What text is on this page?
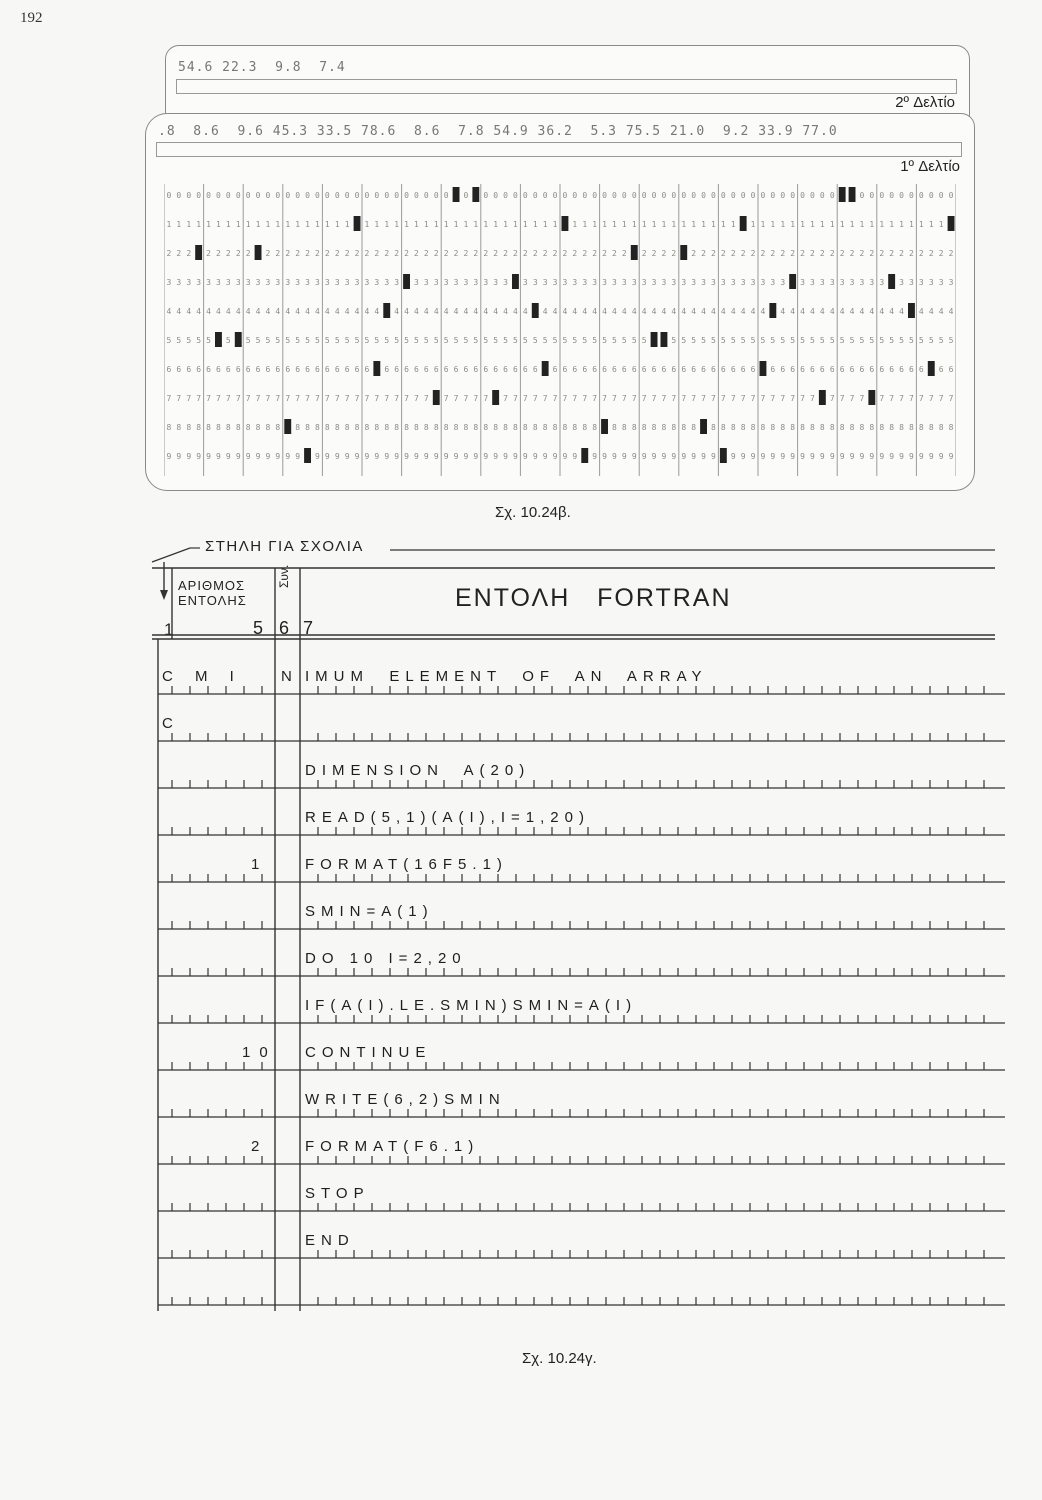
192
54.6 22.3  9.8  7.4
2º Δελτίο
.8  8.6  9.6 45.3 33.5 78.6  8.6  7.8 54.9 36.2  5.3 75.5 21.0  9.2 33.9 77.0
1º Δελτίο
0 0 0 0 0 0 0 0 0 0 0 0 0 0 0 0 0 0 0 0 0 0 0 0 0 0 0 0 0 0 0 0 0 0 0 0 0 0 0 0 0 0 0 0 0 0 0 0 0 0 0 0 0 0 0 0 0 0 0 0 0 0 0 0 0 0	0 0 0 0 0 0 0 0 0 0
1 1 1 1 1 1 1 1 1 1 1 1 1 1 1 1 1 1 1 1 1 1 1 1 1 1 1 1 1 1 1 1 1 1 1 1 1 1 1 1 1 1 1 1 1 1 1 1 1 1 1 1 1 1 1 1 1 1 1 1 1 1 1 1 1 1 1 1 1 1 1 1 1 1 1 1
2 2 2 2 2 2 2 2 2 2 2 2 2 2 2 2 2 2 2 2 2 2 2 2 2 2 2 2 2 2 2 2 2 2 2 2 2 2 2 2 2 2 2 2 2 2 2 2 2 2 2 2 2 2 2 2 2 2 2 2 2 2 2 2 2 2 2 2 2 2 2 2 2 2 2 2
3 3 3 3 3 3 3 3 3 3 3 3 3 3 3 3 3 3 3 3 3 3 3 3 3 3 3 3 3 3 3 3 3 3 3 3 3 3 3 3 3 3 3 3 3 3 3 3 3 3 3 3 3 3 3 3 3 3 3 3 3 3 3 3 3 3 3 3 3 3 3 3 3 3 3 3
4 4 4 4 4 4 4 4 4 4 4 4 4 4 4 4 4 4 4 4 4 4 4 4 4 4 4 4 4 4 4 4 4 4 4 4 4 4 4 4 4 4 4 4 4 4 4 4 4 4 4 4 4 4 4 4 4 4 4 4 4 4 4 4 4 4 4 4 4 4 4 4 4 4 4 4
5 5 5 5 5 5 5 5 5 5 5 5 5 5 5 5 5 5 5 5 5 5 5 5 5 5 5 5 5 5 5 5 5 5 5 5 5 5 5 5 5 5 5 5 5 5 5	5 5 5 5 5 5 5 5 5 5 5 5 5 5 5 5 5 5 5 5 5 5 5 5 5 5 5 5 5
6 6 6 6 6 6 6 6 6 6 6 6 6 6 6 6 6 6 6 6 6 6 6 6 6 6 6 6 6 6 6 6 6 6 6 6 6 6 6 6 6 6 6 6 6 6 6 6 6 6 6 6 6 6 6 6 6 6 6 6 6 6 6 6 6 6 6 6 6 6 6 6 6 6 6 6
7 7 7 7 7 7 7 7 7 7 7 7 7 7 7 7 7 7 7 7 7 7 7 7 7 7 7 7 7 7 7 7 7 7 7 7 7 7 7 7 7 7 7 7 7 7 7 7 7 7 7 7 7 7 7 7 7 7 7 7 7 7 7 7 7 7 7 7 7 7 7 7 7 7 7 7
8 8 8 8 8 8 8 8 8 8 8 8 8 8 8 8 8 8 8 8 8 8 8 8 8 8 8 8 8 8 8 8 8 8 8 8 8 8 8 8 8 8 8 8 8 8 8 8 8 8 8 8 8 8 8 8 8 8 8 8 8 8 8 8 8 8 8 8 8 8 8 8 8 8 8 8 8
9 9 9 9 9 9 9 9 9 9 9 9 9 9 9 9 9 9 9 9 9 9 9 9 9 9 9 9 9 9 9 9 9 9 9 9 9 9 9 9 9 9 9 9 9 9 9 9 9 9 9 9 9 9 9 9 9 9 9 9 9 9 9 9 9 9 9 9 9 9 9 9 9 9 9 9 9
Σχ. 10.24β.
ΣΤΗΛΗ ΓΙΑ ΣΧΟΛΙΑ
ΑΡΙΘΜΟΣ
ΕΝΤΟΛΗΣ
Συν.
1	5 6 7
ΕΝΤΟΛΗ   FORTRAN
C M I	N IMUM  ELEMENT  OF  AN  ARRAY
C
DIMENSION  A(20)
READ(5,1)(A(I),I=1,20)
1 FORMAT(16F5.1)
SMIN=A(1)
DO 10 I=2,20
IF(A(I).LE.SMIN)SMIN=A(I)
10 CONTINUE
WRITE(6,2)SMIN
2 FORMAT(F6.1)
STOP
END
Σχ. 10.24γ.
